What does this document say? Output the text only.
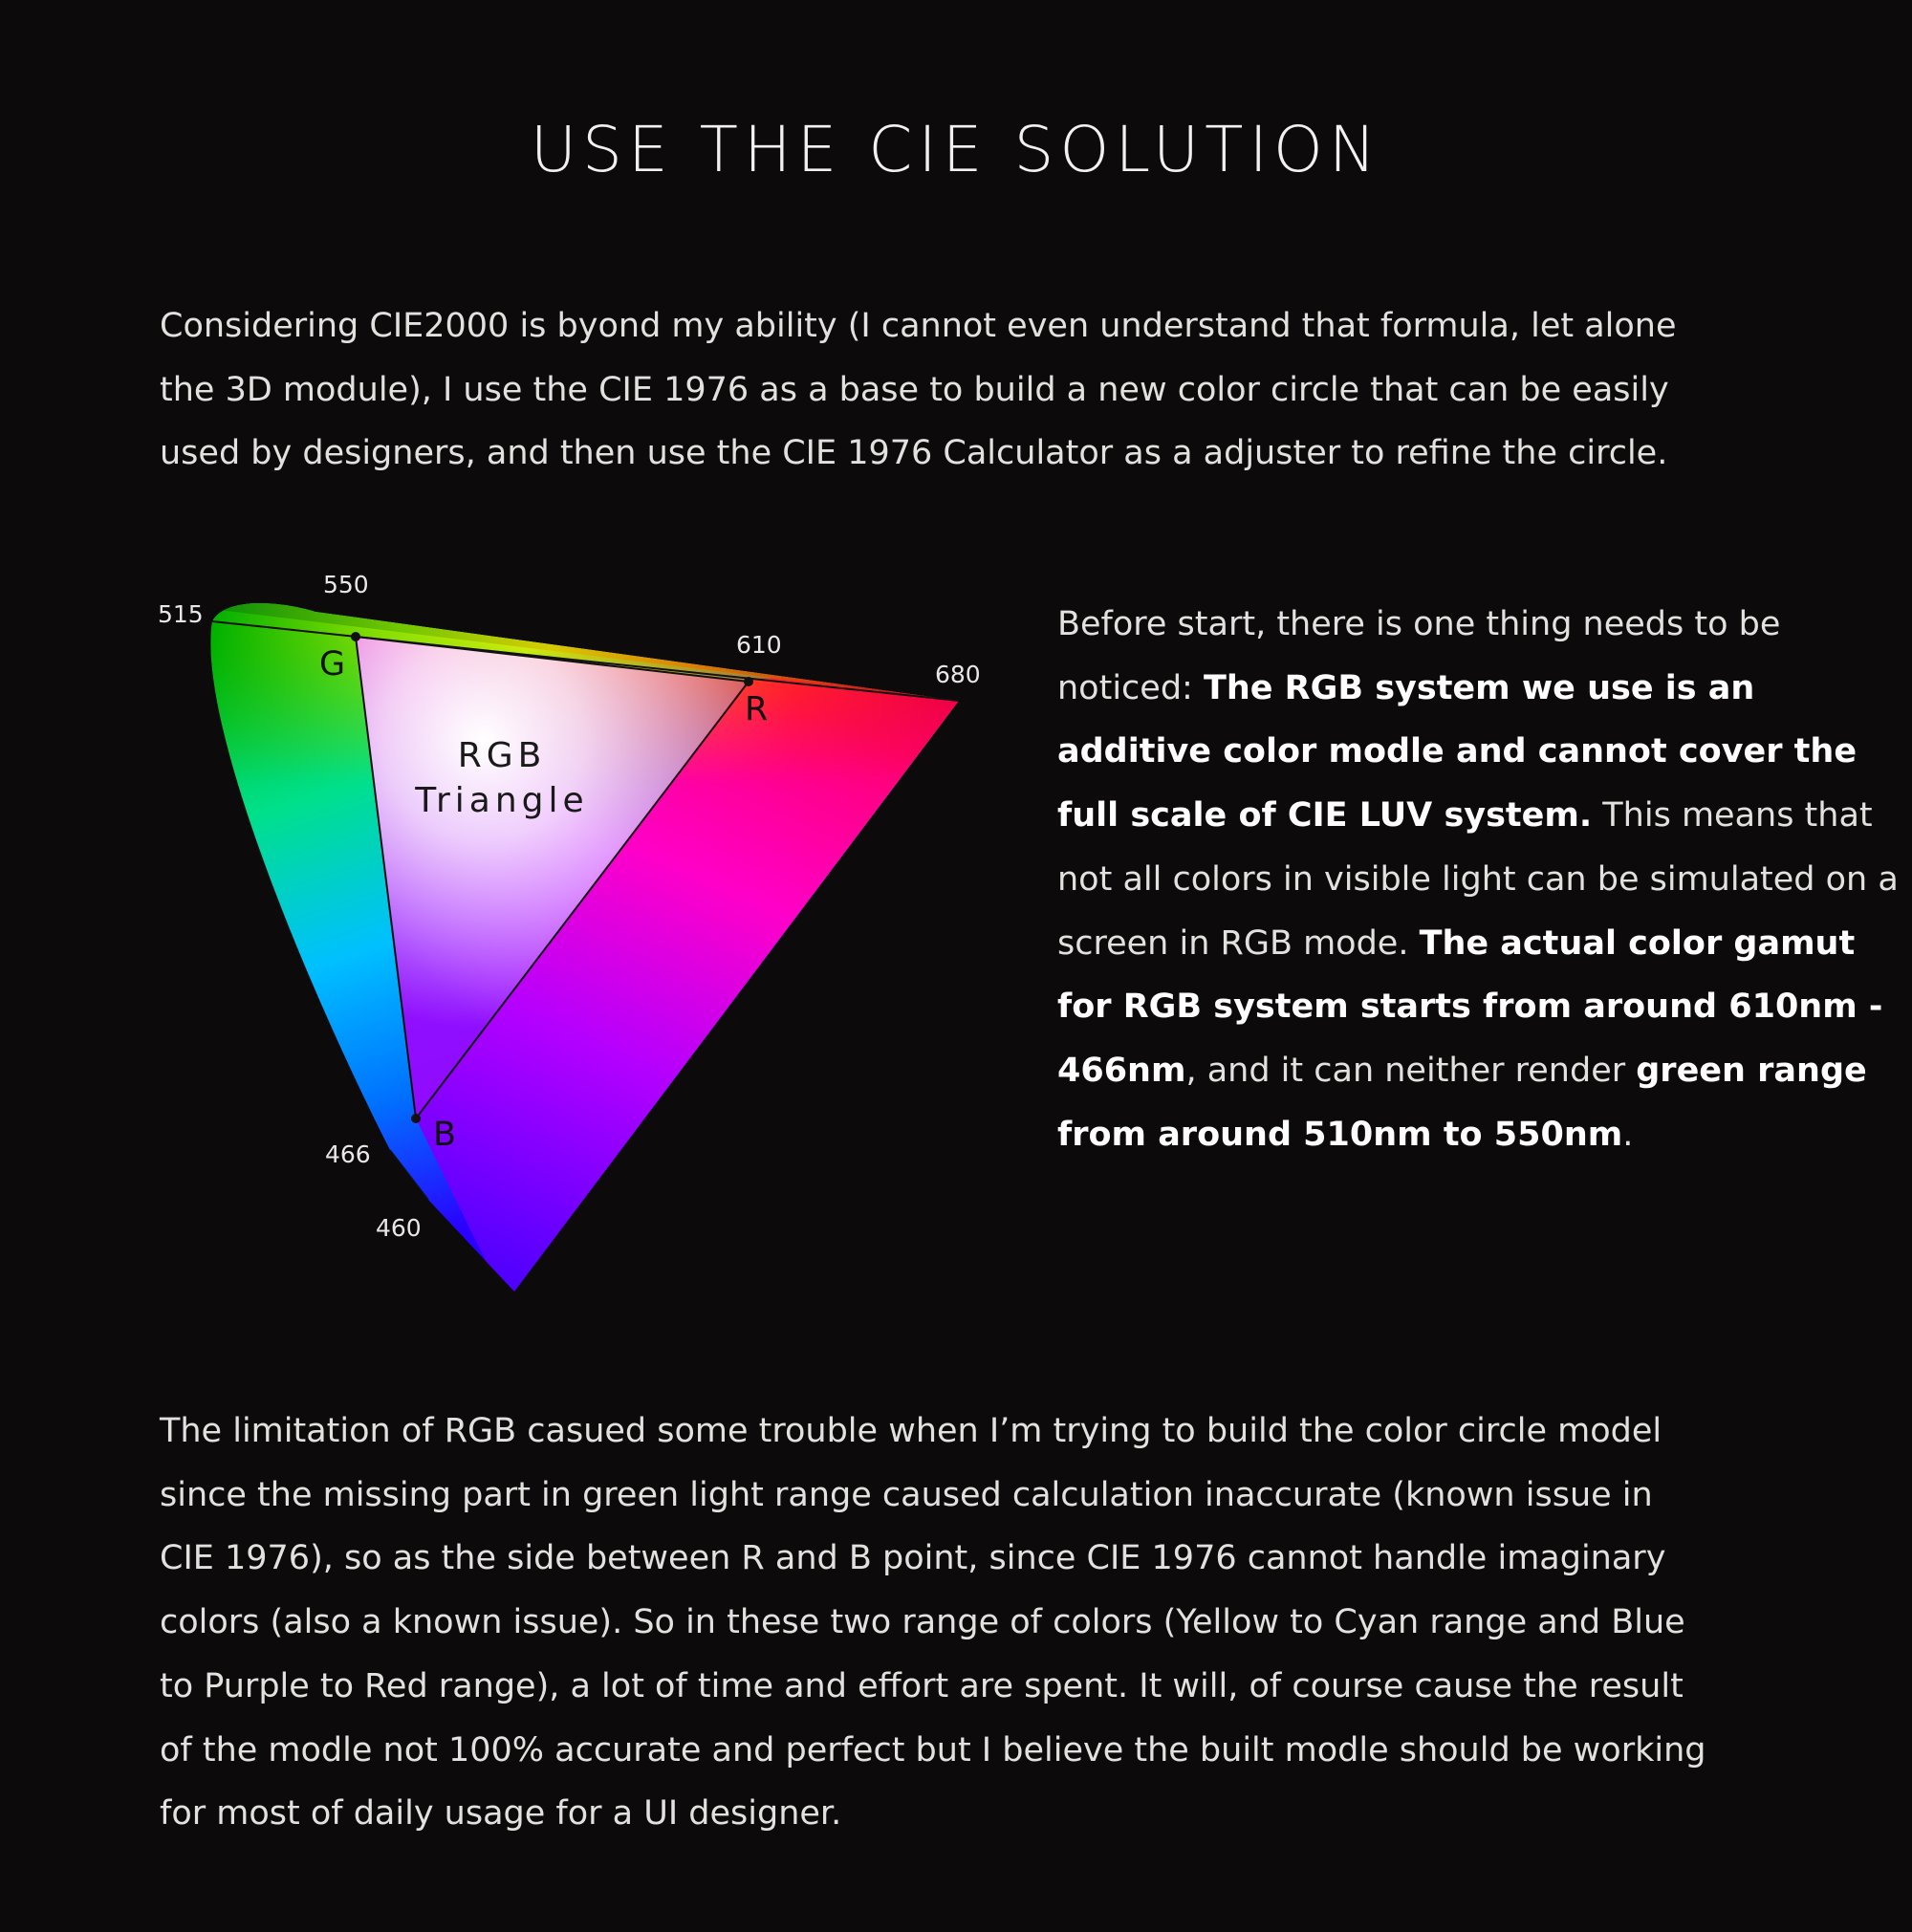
USE THE CIE SOLUTION
Considering CIE2000 is byond my ability (I cannot even understand that formula, let alone
the 3D module), I use the CIE 1976 as a base to build a new color circle that can be easily
used by designers, and then use the CIE 1976 Calculator as a adjuster to refine the circle.
515
550
610
680
466
460
G
R
B
RGB
Triangle
Before start, there is one thing needs to be noticed: The RGB system we use is an additive color modle and cannot cover the full scale of CIE LUV system. This means that not all colors in visible light can be simulated on a screen in RGB mode. The actual color gamut for RGB system starts from around 610nm - 466nm, and it can neither render green range from around 510nm to 550nm.
The limitation of RGB casued some trouble when I’m trying to build the color circle model
since the missing part in green light range caused calculation inaccurate (known issue in
CIE 1976), so as the side between R and B point, since CIE 1976 cannot handle imaginary
colors (also a known issue). So in these two range of colors (Yellow to Cyan range and Blue
to Purple to Red range), a lot of time and effort are spent. It will, of course cause the result
of the modle not 100% accurate and perfect but I believe the built modle should be working
for most of daily usage for a UI designer.
